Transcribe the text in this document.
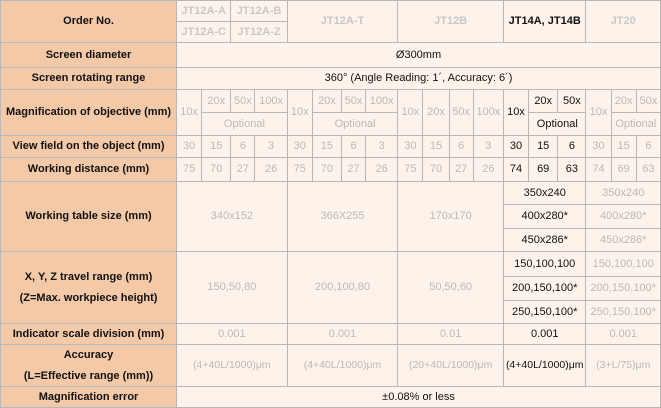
Order No.	JT12A-A		JT12A-B		JT12A-T				JT12B				JT14A, JT14B			JT20		
	JT12A-C		JT12A-Z															
Screen diameter	Ø300mm																	
Screen rotating range	360° (Angle Reading: 1´, Accuracy: 6´)																	
Magnification of objective (mm)	10x	20x	50x	100x	10x	20x	50x	100x	10x	20x	50x	100x	10x	20x	50x	10x	20x	50x
		Optional				Optional								Optional			Optional	
View field on the object (mm)	30	15	6	3	30	15	6	3	30	15	6	3	30	15	6	30	15	6
Working distance (mm)	75	70	27	26	75	70	27	26	75	70	27	26	74	69	63	74	69	63
Working table size (mm)	340x152				366X255				170x170				350x240			350x240		
													400x280*			400x280*		
													450x286*			450x286*		

X, Y, Z travel range (mm)
(Z=Max. workpiece height)	150,50,80				200,100,80				50,50,60				150,100,100			150,100,100		
													200,150,100*			200,150,100*		
													250,150,100*			250,150,100*		
Indicator scale division (mm)	0.001				0.001				0.01				0.001			0.001		

Accuracy
(L=Effective range (mm))	(4+40L/1000)μm				(4+40L/1000)μm				(20+40L/1000)μm				(4+40L/1000)μm			(3+L/75)μm		
Magnification error	±0.08% or less																	
